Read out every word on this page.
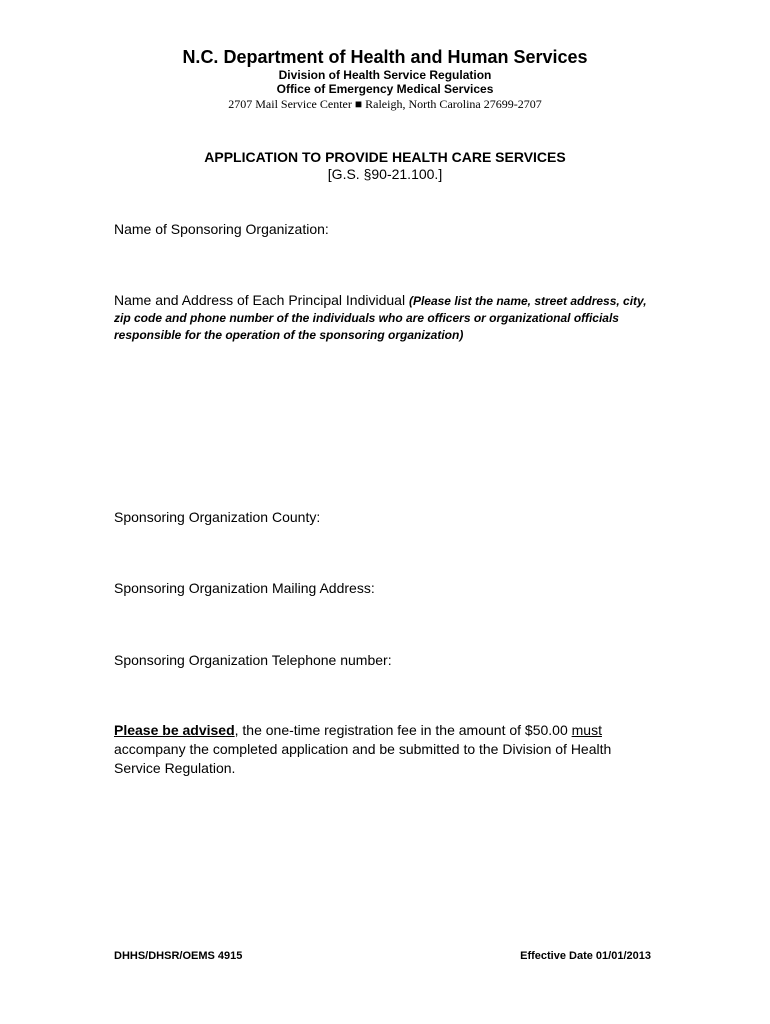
N.C. Department of Health and Human Services
Division of Health Service Regulation
Office of Emergency Medical Services
2707 Mail Service Center ■ Raleigh, North Carolina 27699-2707
APPLICATION TO PROVIDE HEALTH CARE SERVICES
[G.S. §90-21.100.]
Name of Sponsoring Organization:
Name and Address of Each Principal Individual (Please list the name, street address, city, zip code and phone number of the individuals who are officers or organizational officials responsible for the operation of the sponsoring organization)
Sponsoring Organization County:
Sponsoring Organization Mailing Address:
Sponsoring Organization Telephone number:
Please be advised, the one-time registration fee in the amount of $50.00 must accompany the completed application and be submitted to the Division of Health Service Regulation.
DHHS/DHSR/OEMS 4915	Effective Date 01/01/2013
